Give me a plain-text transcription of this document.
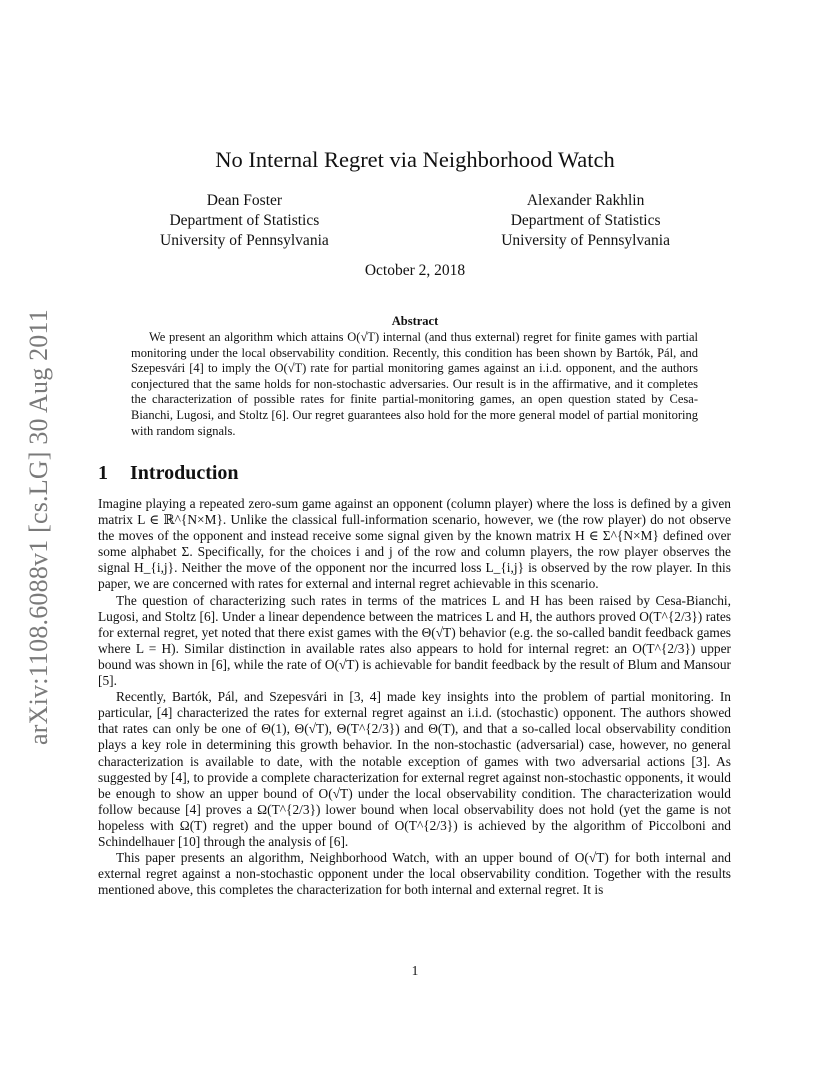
arXiv:1108.6088v1 [cs.LG] 30 Aug 2011
No Internal Regret via Neighborhood Watch
Dean Foster
Department of Statistics
University of Pennsylvania
Alexander Rakhlin
Department of Statistics
University of Pennsylvania
October 2, 2018
Abstract
We present an algorithm which attains O(√T) internal (and thus external) regret for finite games with partial monitoring under the local observability condition. Recently, this condition has been shown by Bartók, Pál, and Szepesvári [4] to imply the O(√T) rate for partial monitoring games against an i.i.d. opponent, and the authors conjectured that the same holds for non-stochastic adversaries. Our result is in the affirmative, and it completes the characterization of possible rates for finite partial-monitoring games, an open question stated by Cesa-Bianchi, Lugosi, and Stoltz [6]. Our regret guarantees also hold for the more general model of partial monitoring with random signals.
1 Introduction

Imagine playing a repeated zero-sum game against an opponent (column player) where the loss is defined by a given matrix L ∈ ℝ^{N×M}. Unlike the classical full-information scenario, however, we (the row player) do not observe the moves of the opponent and instead receive some signal given by the known matrix H ∈ Σ^{N×M} defined over some alphabet Σ. Specifically, for the choices i and j of the row and column players, the row player observes the signal H_{i,j}. Neither the move of the opponent nor the incurred loss L_{i,j} is observed by the row player. In this paper, we are concerned with rates for external and internal regret achievable in this scenario.

The question of characterizing such rates in terms of the matrices L and H has been raised by Cesa-Bianchi, Lugosi, and Stoltz [6]. Under a linear dependence between the matrices L and H, the authors proved O(T^{2/3}) rates for external regret, yet noted that there exist games with the Θ(√T) behavior (e.g. the so-called bandit feedback games where L = H). Similar distinction in available rates also appears to hold for internal regret: an O(T^{2/3}) upper bound was shown in [6], while the rate of O(√T) is achievable for bandit feedback by the result of Blum and Mansour [5].

Recently, Bartók, Pál, and Szepesvári in [3, 4] made key insights into the problem of partial monitoring. In particular, [4] characterized the rates for external regret against an i.i.d. (stochastic) opponent. The authors showed that rates can only be one of Θ(1), Θ(√T), Θ(T^{2/3}) and Θ(T), and that a so-called local observability condition plays a key role in determining this growth behavior. In the non-stochastic (adversarial) case, however, no general characterization is available to date, with the notable exception of games with two adversarial actions [3]. As suggested by [4], to provide a complete characterization for external regret against non-stochastic opponents, it would be enough to show an upper bound of O(√T) under the local observability condition. The characterization would follow because [4] proves a Ω(T^{2/3}) lower bound when local observability does not hold (yet the game is not hopeless with Ω(T) regret) and the upper bound of O(T^{2/3}) is achieved by the algorithm of Piccolboni and Schindelhauer [10] through the analysis of [6].

This paper presents an algorithm, Neighborhood Watch, with an upper bound of O(√T) for both internal and external regret against a non-stochastic opponent under the local observability condition. Together with the results mentioned above, this completes the characterization for both internal and external regret. It is

1
